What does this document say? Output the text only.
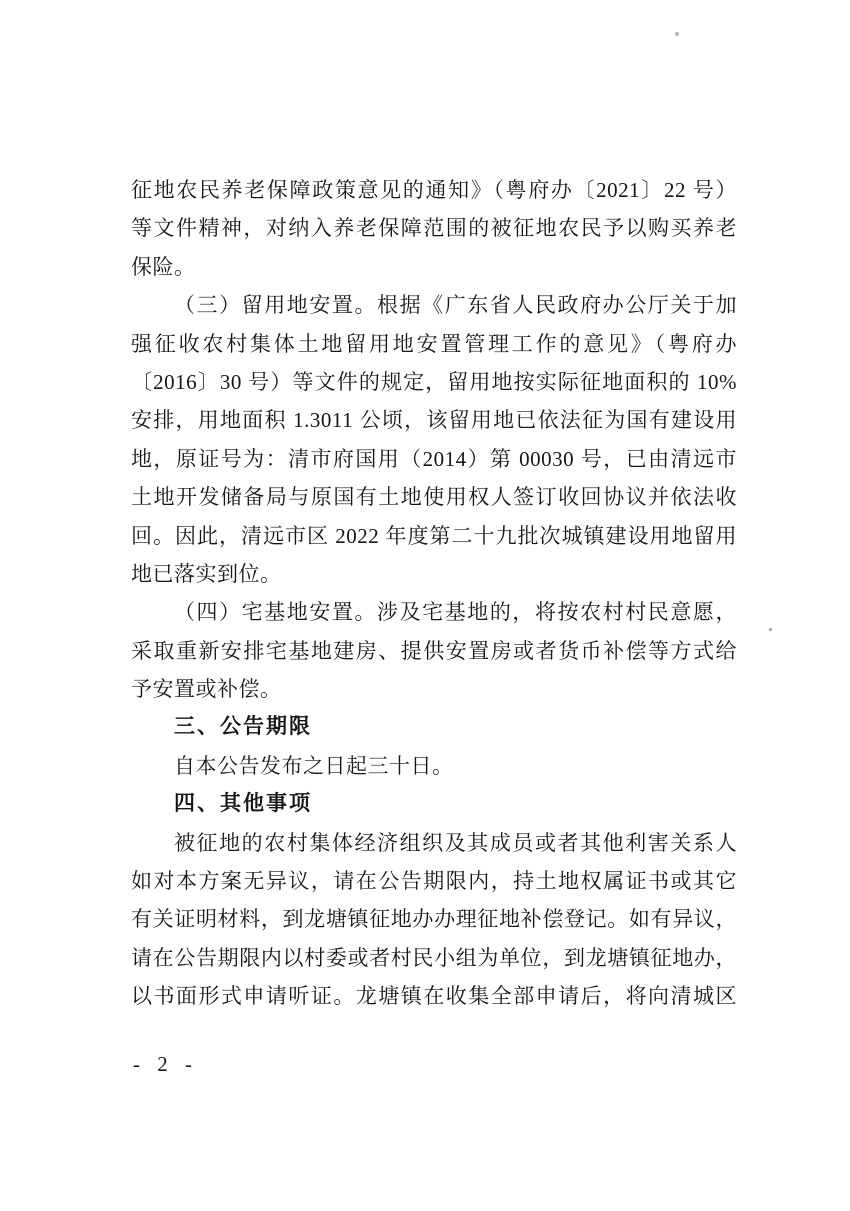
征地农民养老保障政策意见的通知》（粤府办〔2021〕22 号）
等文件精神，对纳入养老保障范围的被征地农民予以购买养老
保险。
（三）留用地安置。根据《广东省人民政府办公厅关于加
强征收农村集体土地留用地安置管理工作的意见》（粤府办
〔2016〕30 号）等文件的规定，留用地按实际征地面积的 10%
安排，用地面积 1.3011 公顷，该留用地已依法征为国有建设用
地，原证号为：清市府国用（2014）第 00030 号，已由清远市
土地开发储备局与原国有土地使用权人签订收回协议并依法收
回。因此，清远市区 2022 年度第二十九批次城镇建设用地留用
地已落实到位。
（四）宅基地安置。涉及宅基地的，将按农村村民意愿，
采取重新安排宅基地建房、提供安置房或者货币补偿等方式给
予安置或补偿。
三、公告期限
自本公告发布之日起三十日。
四、其他事项
被征地的农村集体经济组织及其成员或者其他利害关系人
如对本方案无异议，请在公告期限内，持土地权属证书或其它
有关证明材料，到龙塘镇征地办办理征地补偿登记。如有异议，
请在公告期限内以村委或者村民小组为单位，到龙塘镇征地办，
以书面形式申请听证。龙塘镇在收集全部申请后，将向清城区
- 2 -
